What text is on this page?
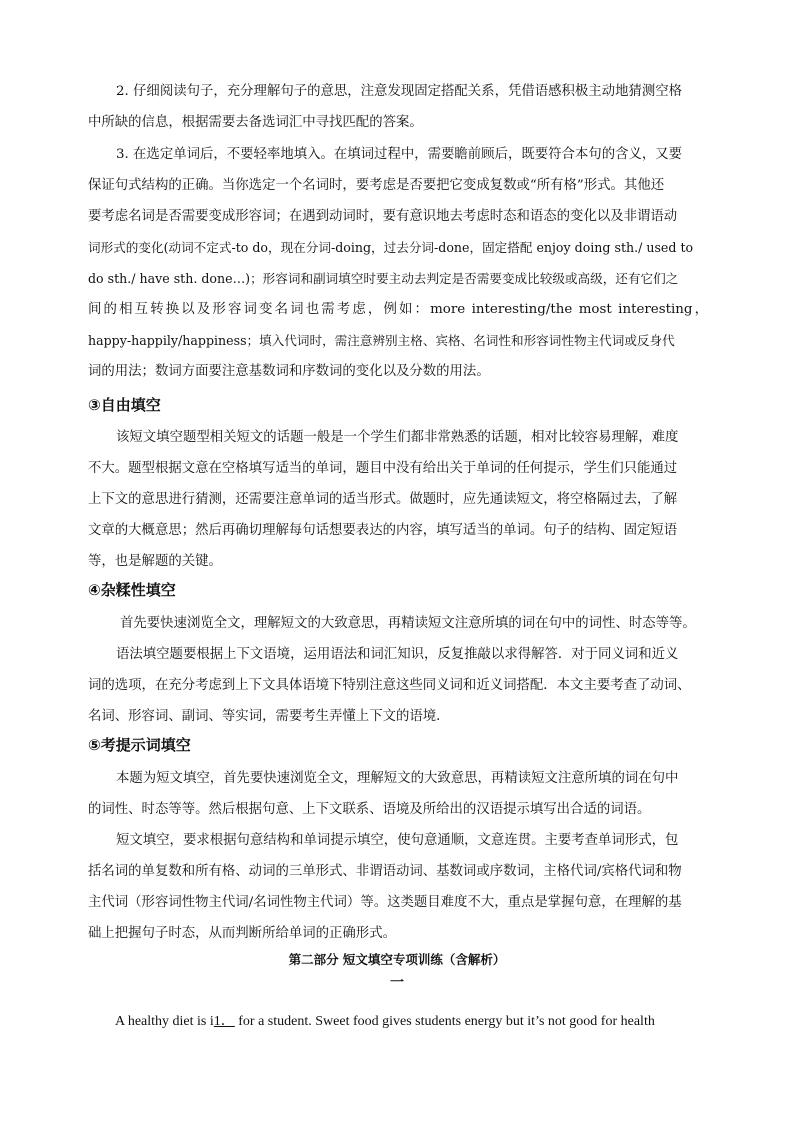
2. 仔细阅读句子，充分理解句子的意思，注意发现固定搭配关系，凭借语感积极主动地猜测空格
中所缺的信息，根据需要去备选词汇中寻找匹配的答案。
3. 在选定单词后，不要轻率地填入。在填词过程中，需要瞻前顾后，既要符合本句的含义，又要
保证句式结构的正确。当你选定一个名词时，要考虑是否要把它变成复数或“所有格”形式。其他还
要考虑名词是否需要变成形容词；在遇到动词时，要有意识地去考虑时态和语态的变化以及非谓语动
词形式的变化(动词不定式-to do，现在分词-doing，过去分词-done，固定搭配 enjoy doing sth./ used to
do sth./ have sth. done…)；形容词和副词填空时要主动去判定是否需要变成比较级或高级，还有它们之
间的相互转换以及形容词变名词也需考虑，例如：more interesting/the most interesting，
happy-happily/happiness；填入代词时，需注意辨别主格、宾格、名词性和形容词性物主代词或反身代
词的用法；数词方面要注意基数词和序数词的变化以及分数的用法。

③自由填空

该短文填空题型相关短文的话题一般是一个学生们都非常熟悉的话题，相对比较容易理解，难度
不大。题型根据文意在空格填写适当的单词，题目中没有给出关于单词的任何提示，学生们只能通过
上下文的意思进行猜测，还需要注意单词的适当形式。做题时，应先通读短文，将空格隔过去，了解
文章的大概意思；然后再确切理解每句话想要表达的内容，填写适当的单词。句子的结构、固定短语
等，也是解题的关键。

④杂糅性填空

首先要快速浏览全文，理解短文的大致意思，再精读短文注意所填的词在句中的词性、时态等等。
语法填空题要根据上下文语境，运用语法和词汇知识，反复推敲以求得解答．对于同义词和近义
词的选项，在充分考虑到上下文具体语境下特别注意这些同义词和近义词搭配．本文主要考查了动词、
名词、形容词、副词、等实词，需要考生弄懂上下文的语境．

⑤考提示词填空

本题为短文填空，首先要快速浏览全文，理解短文的大致意思，再精读短文注意所填的词在句中
的词性、时态等等。然后根据句意、上下文联系、语境及所给出的汉语提示填写出合适的词语。
短文填空，要求根据句意结构和单词提示填空，使句意通顺，文意连贯。主要考查单词形式，包
括名词的单复数和所有格、动词的三单形式、非谓语动词、基数词或序数词，主格代词/宾格代词和物
主代词（形容词性物主代词/名词性物主代词）等。这类题目难度不大，重点是掌握句意，在理解的基
础上把握句子时态，从而判断所给单词的正确形式。

第二部分 短文填空专项训练（含解析）

一

A healthy diet is i1． for a student. Sweet food gives students energy but it’s not good for health
